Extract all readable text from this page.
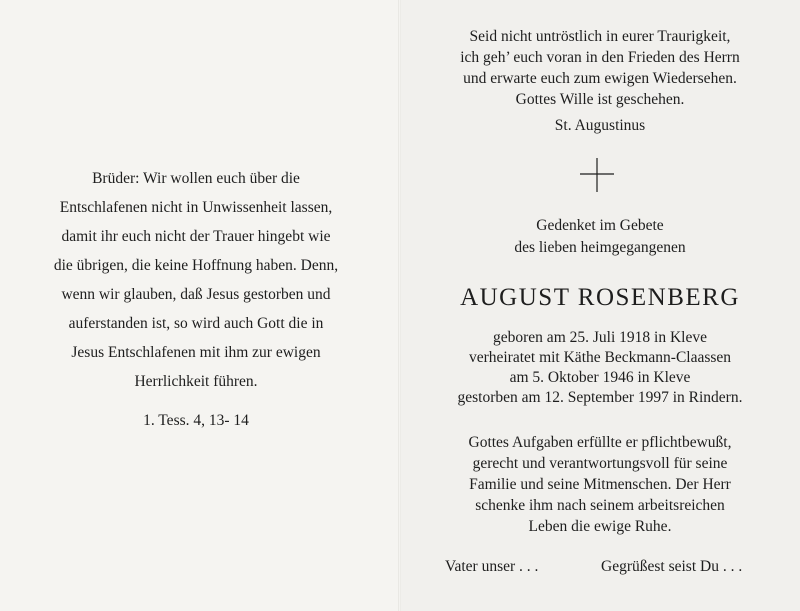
Brüder: Wir wollen euch über die
Entschlafenen nicht in Unwissenheit lassen,
damit ihr euch nicht der Trauer hingebt wie
die übrigen, die keine Hoffnung haben. Denn,
wenn wir glauben, daß Jesus gestorben und
auferstanden ist, so wird auch Gott die in
Jesus Entschlafenen mit ihm zur ewigen
Herrlichkeit führen.
1. Tess. 4, 13- 14
Seid nicht untröstlich in eurer Traurigkeit,
ich geh’ euch voran in den Frieden des Herrn
und erwarte euch zum ewigen Wiedersehen.
Gottes Wille ist geschehen.
St. Augustinus
Gedenket im Gebete
des lieben heimgegangenen
AUGUST ROSENBERG
geboren am 25. Juli 1918 in Kleve
verheiratet mit Käthe Beckmann-Claassen
am 5. Oktober 1946 in Kleve
gestorben am 12. September 1997 in Rindern.
Gottes Aufgaben erfüllte er pflichtbewußt,
gerecht und verantwortungsvoll für seine
Familie und seine Mitmenschen. Der Herr
schenke ihm nach seinem arbeitsreichen
Leben die ewige Ruhe.
Vater unser . . .	Gegrüßest seist Du . . .
